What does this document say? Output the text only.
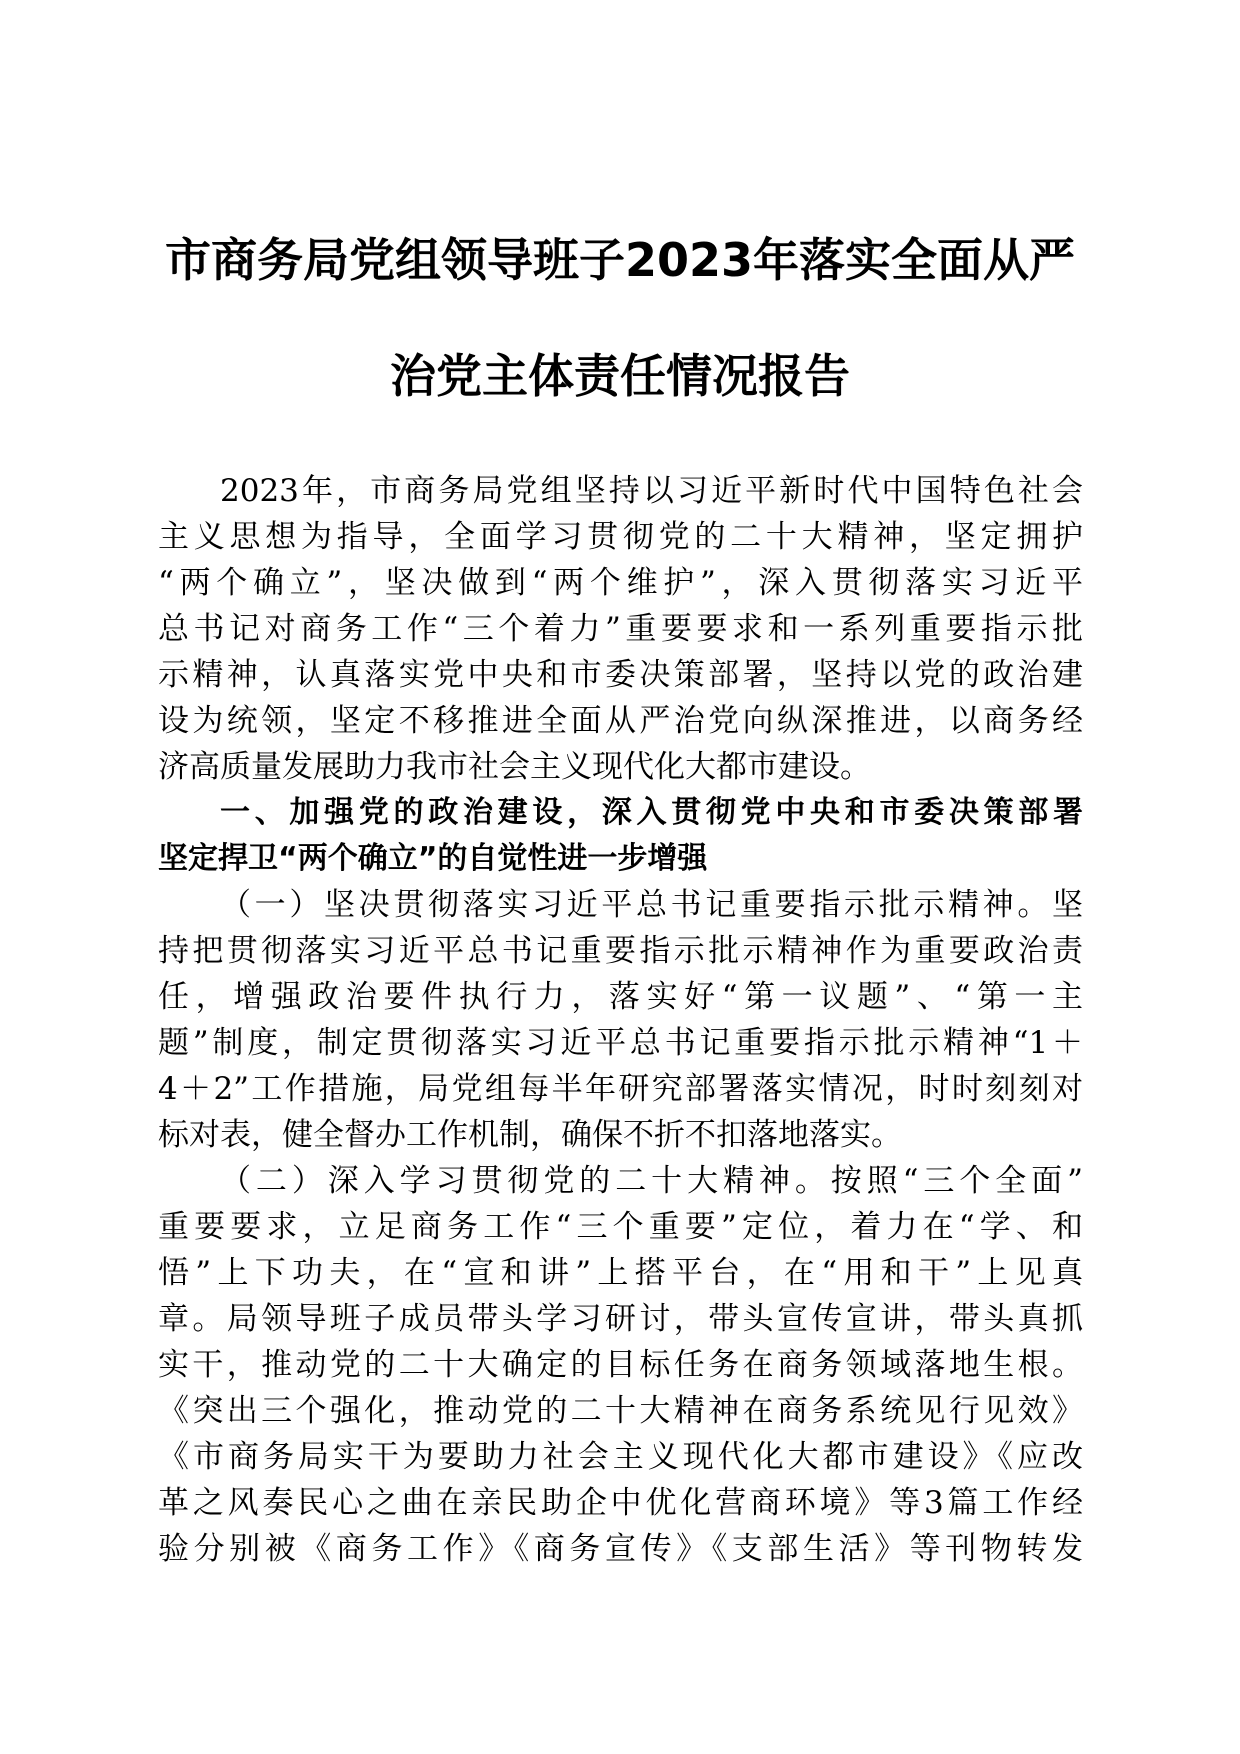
市商务局党组领导班子2023年落实全面从严
治党主体责任情况报告
2023年，市商务局党组坚持以习近平新时代中国特色社会
主义思想为指导，全面学习贯彻党的二十大精神，坚定拥护
“两个确立”，坚决做到“两个维护”，深入贯彻落实习近平
总书记对商务工作“三个着力”重要要求和一系列重要指示批
示精神，认真落实党中央和市委决策部署，坚持以党的政治建
设为统领，坚定不移推进全面从严治党向纵深推进，以商务经
济高质量发展助力我市社会主义现代化大都市建设。
一、加强党的政治建设，深入贯彻党中央和市委决策部署
坚定捍卫“两个确立”的自觉性进一步增强
（一）坚决贯彻落实习近平总书记重要指示批示精神。坚
持把贯彻落实习近平总书记重要指示批示精神作为重要政治责
任，增强政治要件执行力，落实好“第一议题”、“第一主
题”制度，制定贯彻落实习近平总书记重要指示批示精神“1＋
4＋2”工作措施，局党组每半年研究部署落实情况，时时刻刻对
标对表，健全督办工作机制，确保不折不扣落地落实。
（二）深入学习贯彻党的二十大精神。按照“三个全面”
重要要求，立足商务工作“三个重要”定位，着力在“学、和
悟”上下功夫，在“宣和讲”上搭平台，在“用和干”上见真
章。局领导班子成员带头学习研讨，带头宣传宣讲，带头真抓
实干，推动党的二十大确定的目标任务在商务领域落地生根。
《突出三个强化，推动党的二十大精神在商务系统见行见效》
《市商务局实干为要助力社会主义现代化大都市建设》《应改
革之风奏民心之曲在亲民助企中优化营商环境》等3篇工作经
验分别被《商务工作》《商务宣传》《支部生活》等刊物转发
